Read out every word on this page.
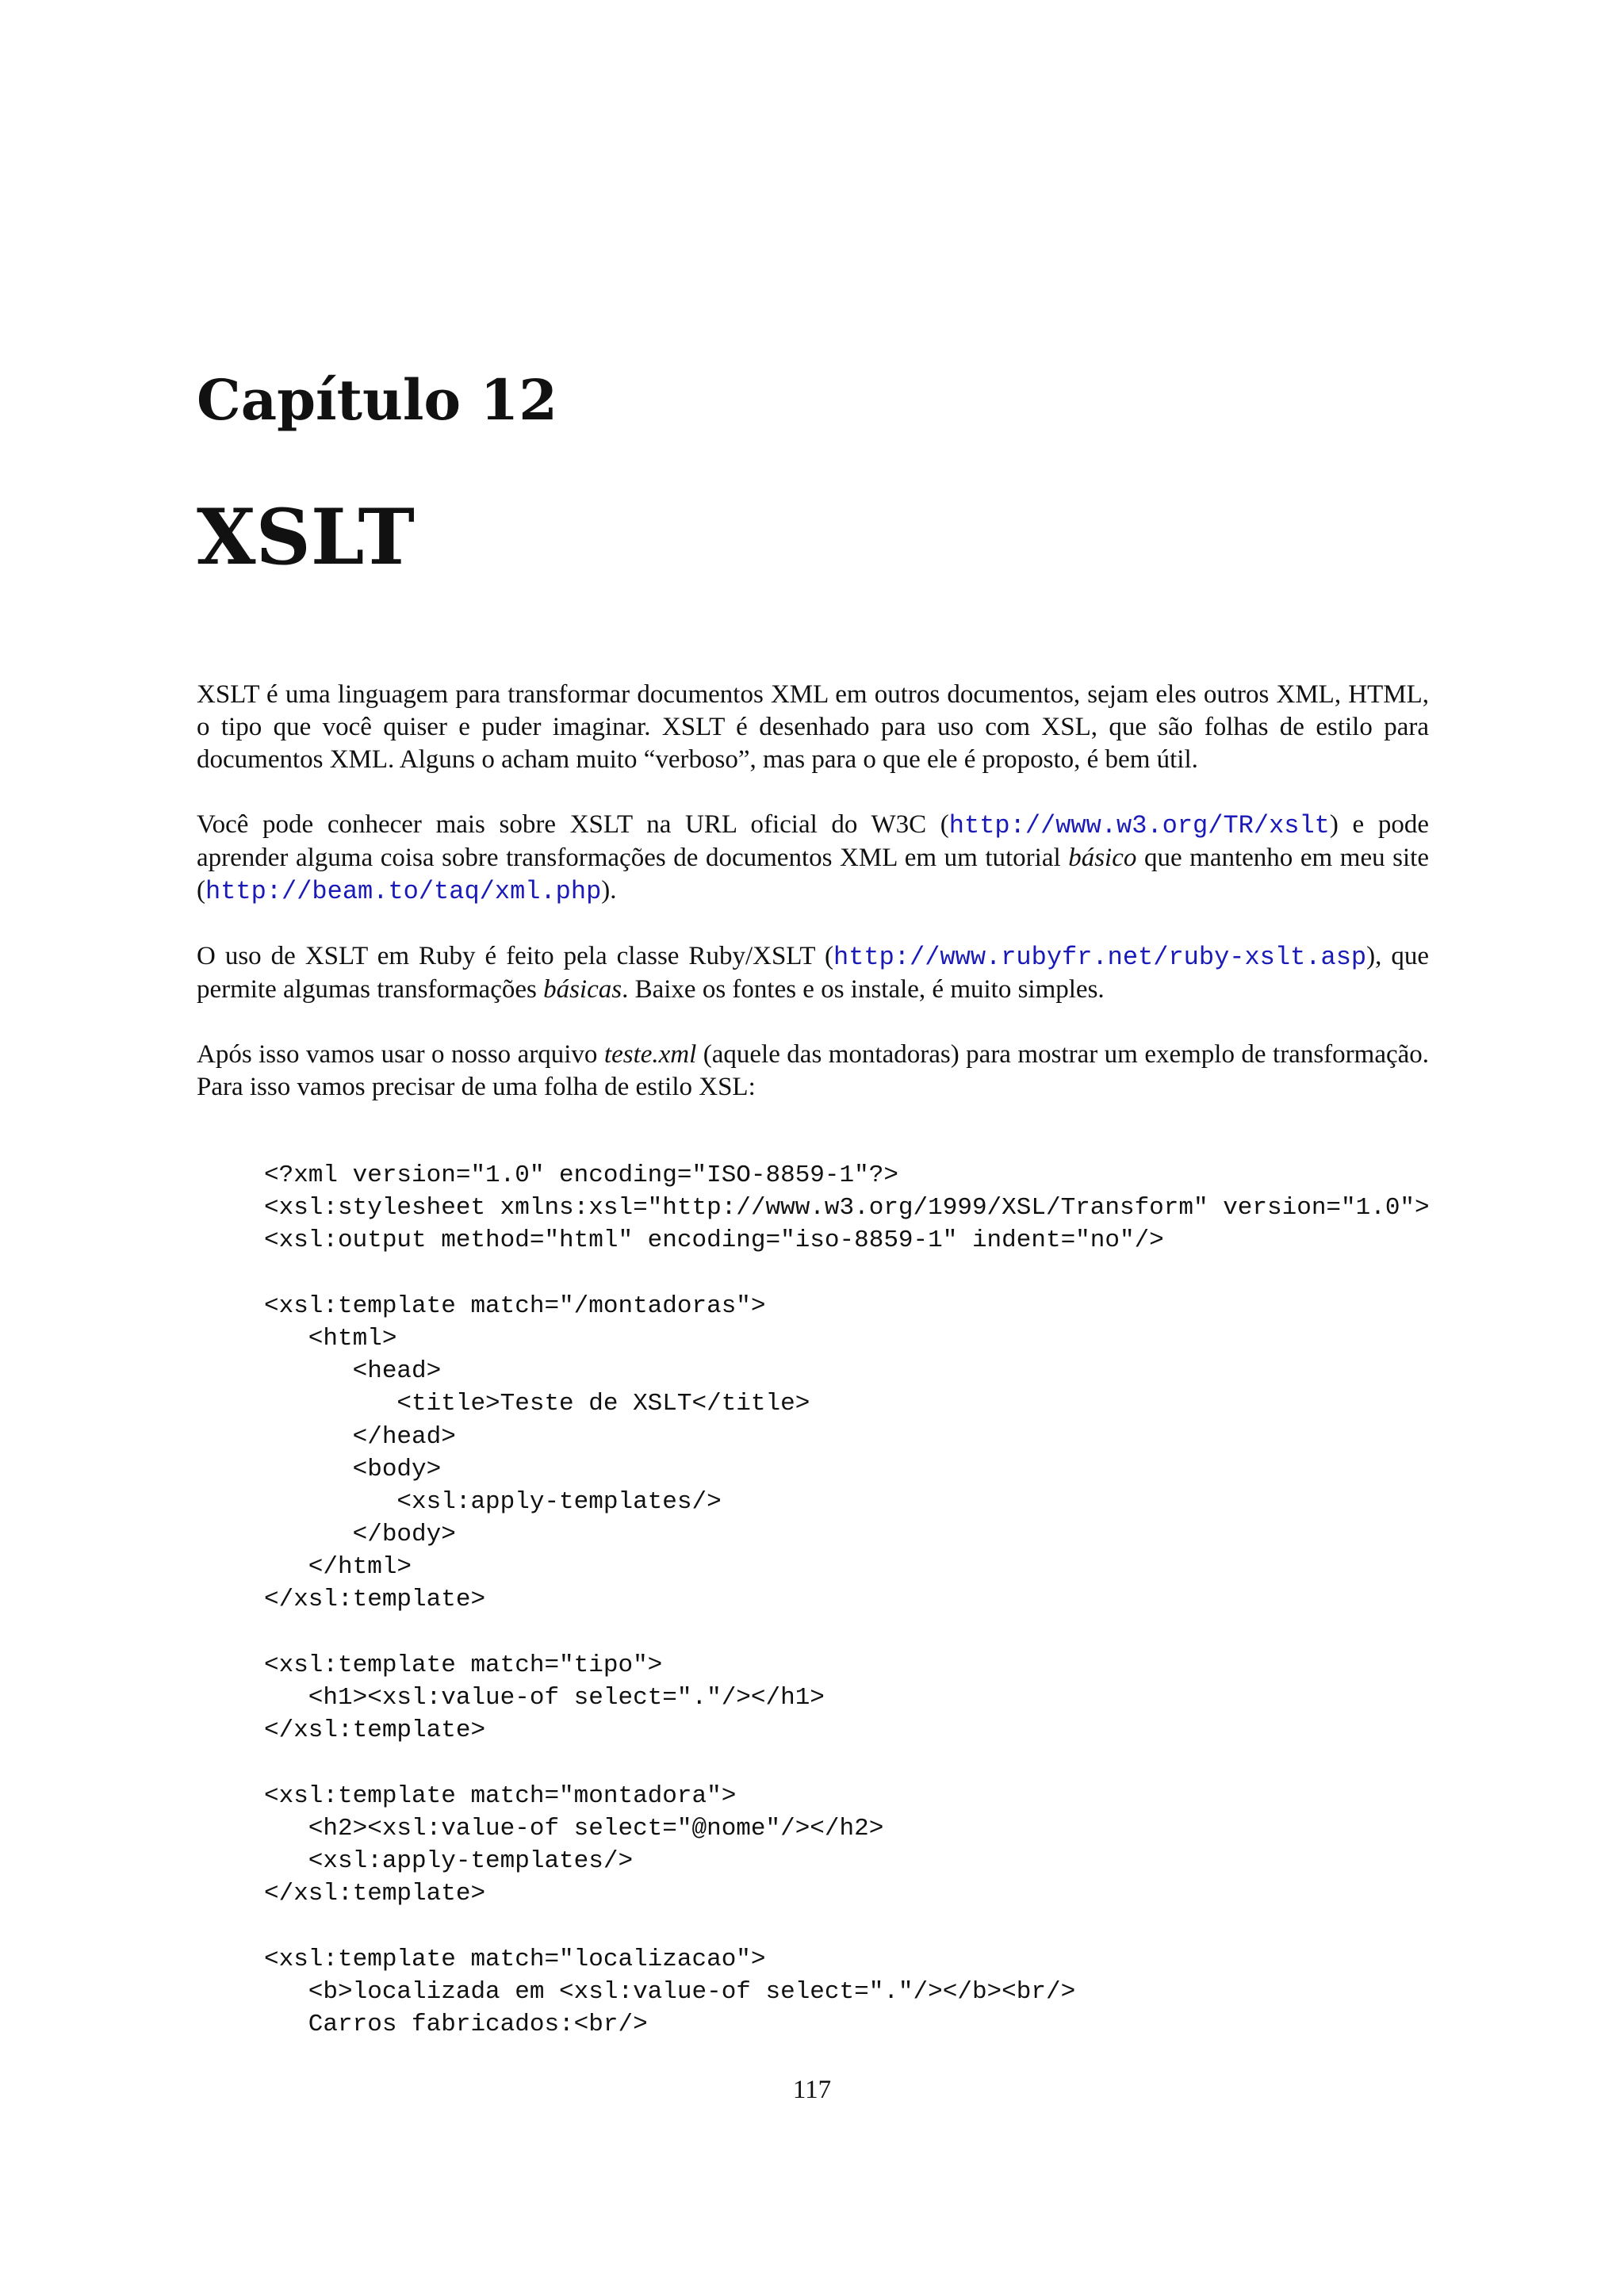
Capítulo 12
XSLT

XSLT é uma linguagem para transformar documentos XML em outros documentos, sejam eles outros XML, HTML, o tipo que você quiser e puder imaginar. XSLT é desenhado para uso com XSL, que são folhas de estilo para documentos XML. Alguns o acham muito “verboso”, mas para o que ele é proposto, é bem útil.

Você pode conhecer mais sobre XSLT na URL oficial do W3C (http://www.w3.org/TR/xslt) e pode aprender alguma coisa sobre transformações de documentos XML em um tutorial básico que mantenho em meu site (http://beam.to/taq/xml.php).

O uso de XSLT em Ruby é feito pela classe Ruby/XSLT (http://www.rubyfr.net/ruby-xslt.asp), que permite algumas transformações básicas. Baixe os fontes e os instale, é muito simples.

Após isso vamos usar o nosso arquivo teste.xml (aquele das montadoras) para mostrar um exemplo de transformação. Para isso vamos precisar de uma folha de estilo XSL:

<?xml version="1.0" encoding="ISO-8859-1"?>
<xsl:stylesheet xmlns:xsl="http://www.w3.org/1999/XSL/Transform" version="1.0">
<xsl:output method="html" encoding="iso-8859-1" indent="no"/>
<xsl:template match="/montadoras">
<html>
<head>
<title>Teste de XSLT</title>
</head>
<body>
<xsl:apply-templates/>
</body>
</html>
</xsl:template>
<xsl:template match="tipo">
<h1><xsl:value-of select="."/></h1>
</xsl:template>
<xsl:template match="montadora">
<h2><xsl:value-of select="@nome"/></h2>
<xsl:apply-templates/>
</xsl:template>
<xsl:template match="localizacao">
<b>localizada em <xsl:value-of select="."/></b><br/>
Carros fabricados:<br/>
117
